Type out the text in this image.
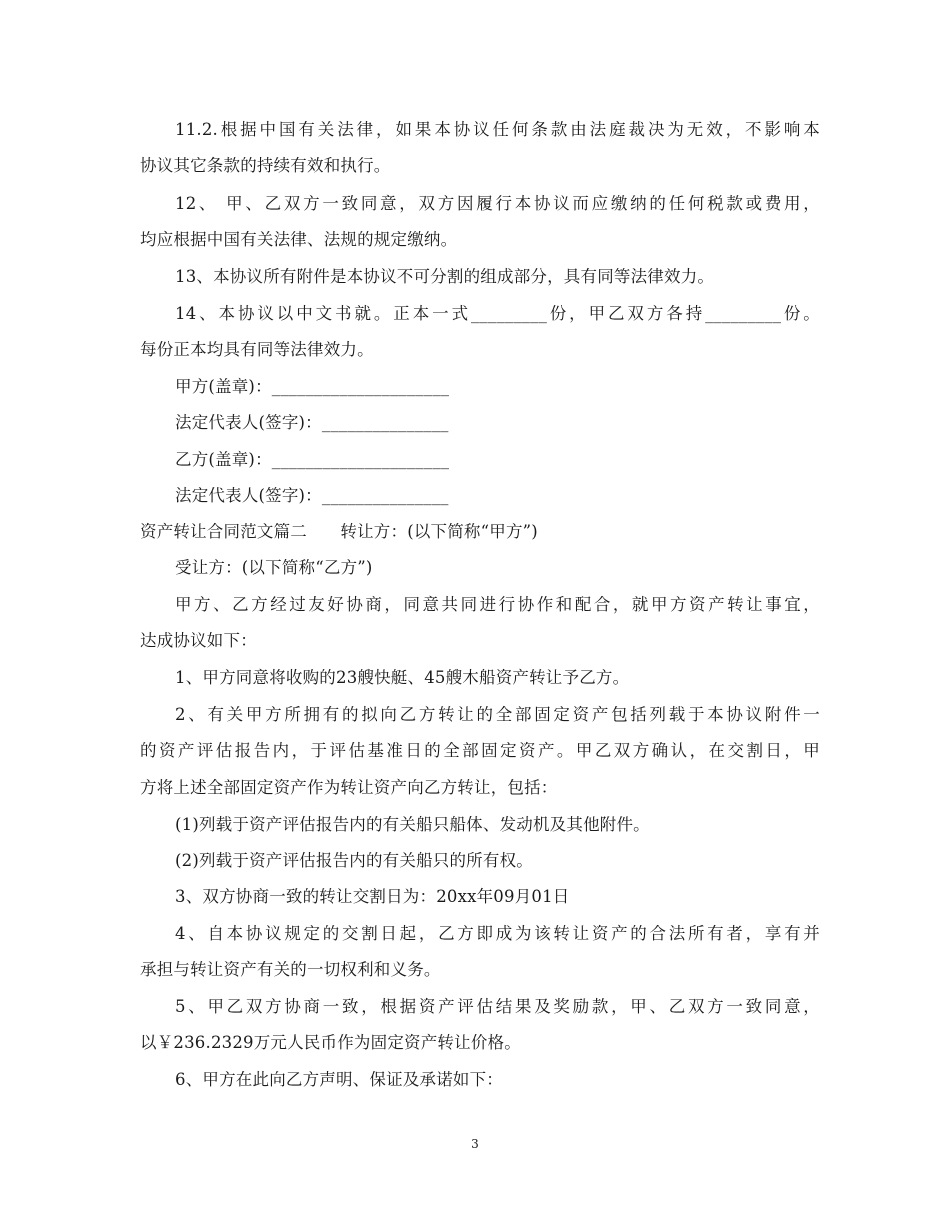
11.2.根据中国有关法律，如果本协议任何条款由法庭裁决为无效，不影响本
协议其它条款的持续有效和执行。
12、 甲、乙双方一致同意，双方因履行本协议而应缴纳的任何税款或费用，
均应根据中国有关法律、法规的规定缴纳。
13、本协议所有附件是本协议不可分割的组成部分，具有同等法律效力。
14、本协议以中文书就。正本一式_________份，甲乙双方各持_________份。
每份正本均具有同等法律效力。
甲方(盖章)：_____________________
法定代表人(签字)：_______________
乙方(盖章)：_____________________
法定代表人(签字)：_______________
资产转让合同范文篇二　　转让方：(以下简称“甲方”)
受让方：(以下简称“乙方”)
甲方、乙方经过友好协商，同意共同进行协作和配合，就甲方资产转让事宜，
达成协议如下：
1、甲方同意将收购的23艘快艇、45艘木船资产转让予乙方。
2、有关甲方所拥有的拟向乙方转让的全部固定资产包括列载于本协议附件一
的资产评估报告内，于评估基准日的全部固定资产。甲乙双方确认，在交割日，甲
方将上述全部固定资产作为转让资产向乙方转让，包括：
(1)列载于资产评估报告内的有关船只船体、发动机及其他附件。
(2)列载于资产评估报告内的有关船只的所有权。
3、双方协商一致的转让交割日为：20xx年09月01日
4、自本协议规定的交割日起，乙方即成为该转让资产的合法所有者，享有并
承担与转让资产有关的一切权利和义务。
5、甲乙双方协商一致，根据资产评估结果及奖励款，甲、乙双方一致同意，
以￥236.2329万元人民币作为固定资产转让价格。
6、甲方在此向乙方声明、保证及承诺如下：
3
